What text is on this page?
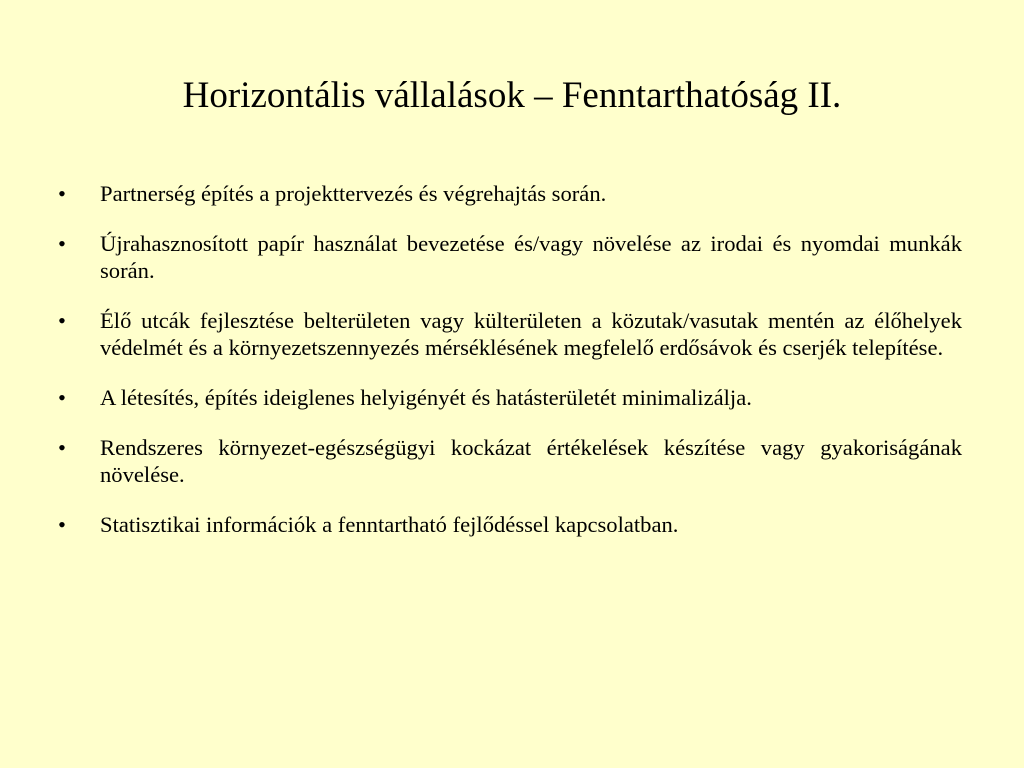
Horizontális vállalások – Fenntarthatóság II.
•	Partnerség építés a projekttervezés és végrehajtás során.
•	Újrahasznosított papír használat bevezetése és/vagy növelése az irodai és nyomdai munkák során.
•	Élő utcák fejlesztése belterületen vagy külterületen a közutak/vasutak mentén az élőhelyek védelmét és a környezetszennyezés mérséklésének megfelelő erdősávok és cserjék telepítése.
•	A létesítés, építés ideiglenes helyigényét és hatásterületét minimalizálja.
•	Rendszeres környezet-egészségügyi kockázat értékelések készítése vagy gyakoriságának növelése.
•	Statisztikai információk a fenntartható fejlődéssel kapcsolatban.
